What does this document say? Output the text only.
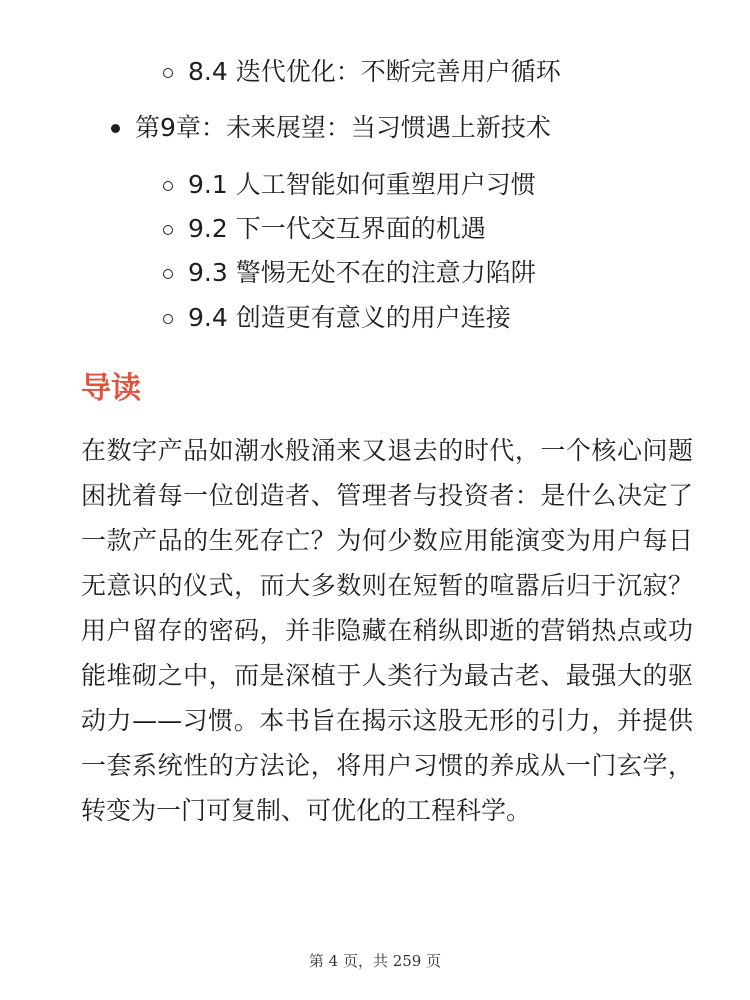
8.4 迭代优化：不断完善用户循环
第9章：未来展望：当习惯遇上新技术
9.1 人工智能如何重塑用户习惯
9.2 下一代交互界面的机遇
9.3 警惕无处不在的注意力陷阱
9.4 创造更有意义的用户连接
导读

在数字产品如潮水般涌来又退去的时代，一个核心问题困扰着每一位创造者、管理者与投资者：是什么决定了一款产品的生死存亡？为何少数应用能演变为用户每日无意识的仪式，而大多数则在短暂的喧嚣后归于沉寂？用户留存的密码，并非隐藏在稍纵即逝的营销热点或功能堆砌之中，而是深植于人类行为最古老、最强大的驱动力——习惯。本书旨在揭示这股无形的引力，并提供一套系统性的方法论，将用户习惯的养成从一门玄学，转变为一门可复制、可优化的工程科学。

第 4 页，共 259 页
